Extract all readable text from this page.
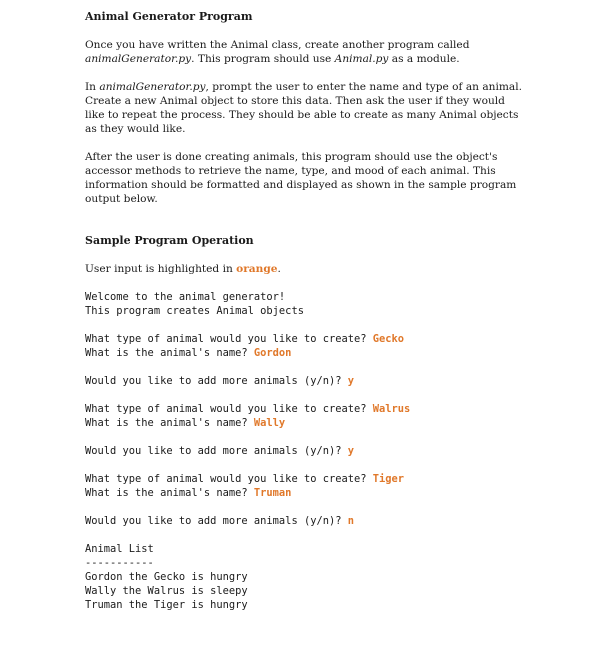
Animal Generator Program

Once you have written the Animal class, create another program called animalGenerator.py. This program should use Animal.py as a module.

In animalGenerator.py, prompt the user to enter the name and type of an animal. Create a new Animal object to store this data. Then ask the user if they would like to repeat the process. They should be able to create as many Animal objects as they would like.

After the user is done creating animals, this program should use the object's accessor methods to retrieve the name, type, and mood of each animal. This information should be formatted and displayed as shown in the sample program output below.

Sample Program Operation

User input is highlighted in orange.

Welcome to the animal generator!
This program creates Animal objects
What type of animal would you like to create? Gecko
What is the animal's name? Gordon
Would you like to add more animals (y/n)? y
What type of animal would you like to create? Walrus
What is the animal's name? Wally
Would you like to add more animals (y/n)? y
What type of animal would you like to create? Tiger
What is the animal's name? Truman
Would you like to add more animals (y/n)? n
Animal List
-----------
Gordon the Gecko is hungry
Wally the Walrus is sleepy
Truman the Tiger is hungry
